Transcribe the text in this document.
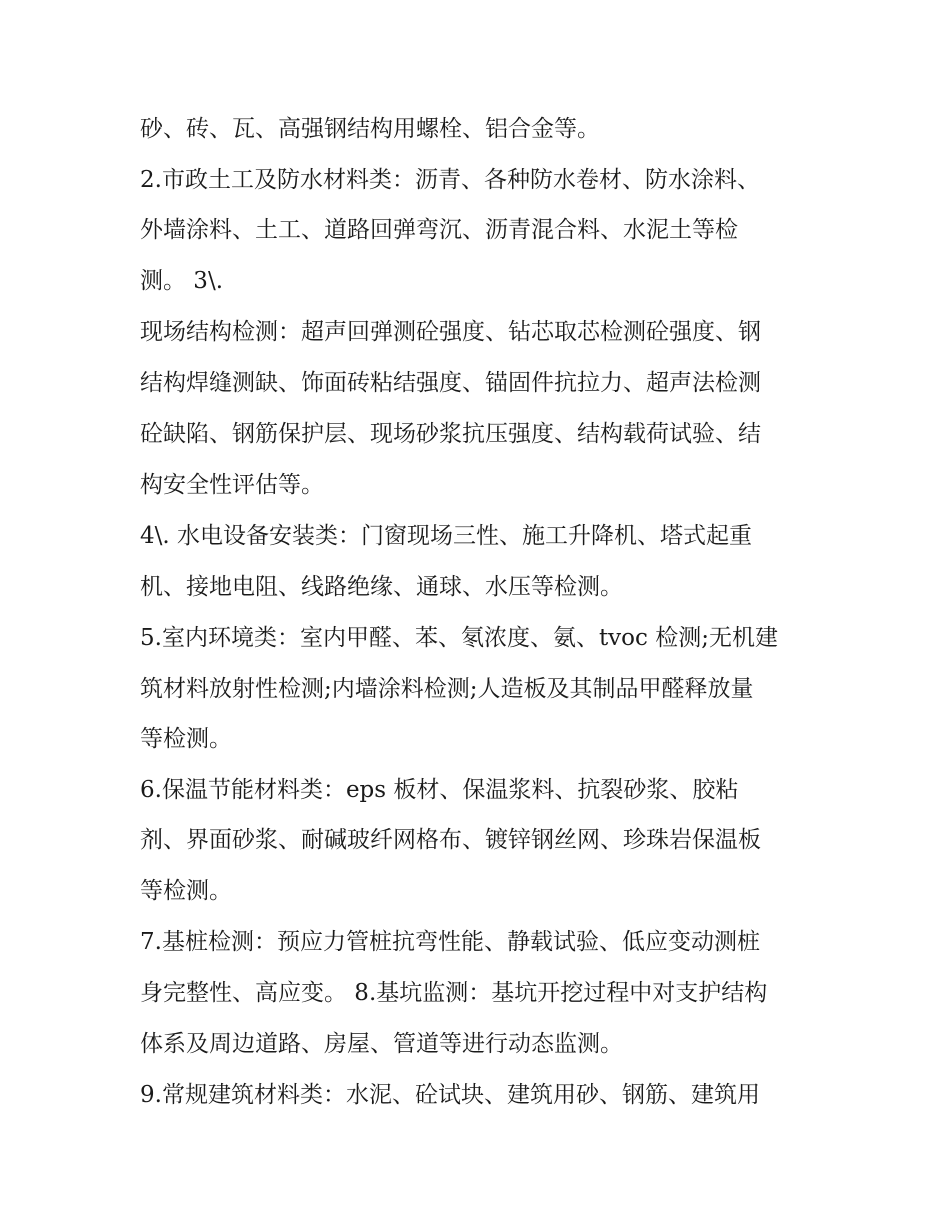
砂、砖、瓦、高强钢结构用螺栓、铝合金等。
2.市政土工及防水材料类：沥青、各种防水卷材、防水涂料、
外墙涂料、土工、道路回弹弯沉、沥青混合料、水泥土等检
测。 3\.
现场结构检测：超声回弹测砼强度、钻芯取芯检测砼强度、钢
结构焊缝测缺、饰面砖粘结强度、锚固件抗拉力、超声法检测
砼缺陷、钢筋保护层、现场砂浆抗压强度、结构载荷试验、结
构安全性评估等。
4\. 水电设备安装类：门窗现场三性、施工升降机、塔式起重
机、接地电阻、线路绝缘、通球、水压等检测。
5.室内环境类：室内甲醛、苯、氡浓度、氨、tvoc 检测;无机建
筑材料放射性检测;内墙涂料检测;人造板及其制品甲醛释放量
等检测。
6.保温节能材料类：eps 板材、保温浆料、抗裂砂浆、胶粘
剂、界面砂浆、耐碱玻纤网格布、镀锌钢丝网、珍珠岩保温板
等检测。
7.基桩检测：预应力管桩抗弯性能、静载试验、低应变动测桩
身完整性、高应变。 8.基坑监测：基坑开挖过程中对支护结构
体系及周边道路、房屋、管道等进行动态监测。
9.常规建筑材料类：水泥、砼试块、建筑用砂、钢筋、建筑用
